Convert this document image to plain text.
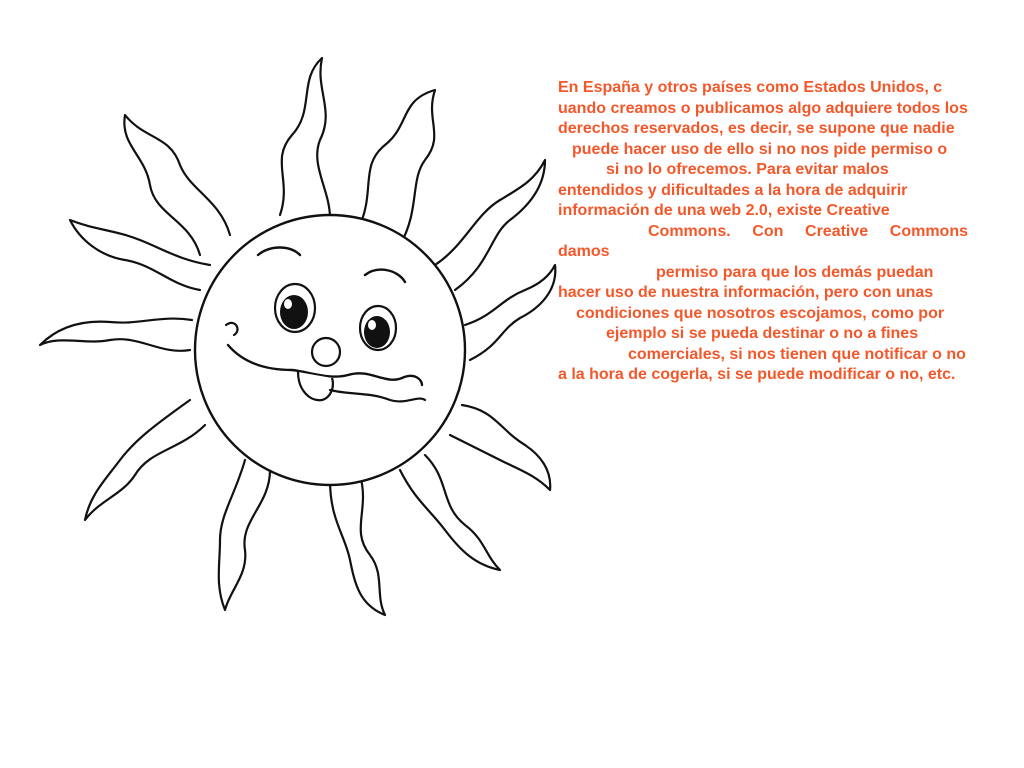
En España y otros países como Estados Unidos, c
uando creamos o publicamos algo adquiere todos los
derechos reservados, es decir, se supone que nadie
puede hacer uso de ello si no nos pide permiso o
si no lo ofrecemos. Para evitar malos
entendidos y dificultades a la hora de adquirir
información de una web 2.0, existe Creative
Commons. Con Creative Commons damos
permiso para que los demás puedan
hacer uso de nuestra información, pero con unas
condiciones que nosotros escojamos, como por
ejemplo si se pueda destinar o no a fines
comerciales, si nos tienen que notificar o no
a la hora de cogerla, si se puede modificar o no, etc.
